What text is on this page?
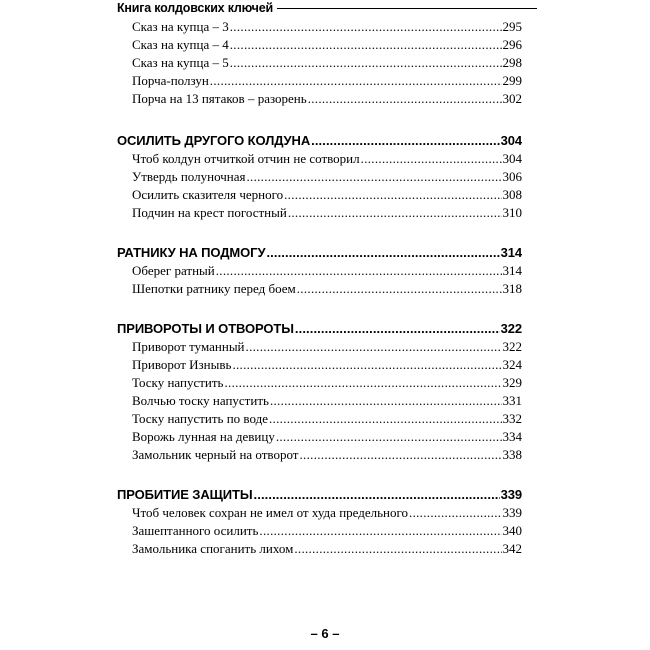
Книга колдовских ключей
Сказ на купца – 3 .....	295
Сказ на купца – 4 .....	296
Сказ на купца – 5 .....	298
Порча-ползун .....	299
Порча на 13 пятаков – разорень .....	302
ОСИЛИТЬ ДРУГОГО КОЛДУНА .....	304
Чтоб колдун отчиткой отчин не сотворил .....	304
Утвердь полуночная .....	306
Осилить сказителя черного .....	308
Подчин на крест погостный .....	310
РАТНИКУ НА ПОДМОГУ .....	314
Оберег ратный .....	314
Шепотки ратнику перед боем .....	318
ПРИВОРОТЫ И ОТВОРОТЫ .....	322
Приворот туманный .....	322
Приворот Изнывь .....	324
Тоску напустить .....	329
Волчью тоску напустить .....	331
Тоску напустить по воде .....	332
Ворожь лунная на девицу .....	334
Замольник черный на отворот .....	338
ПРОБИТИЕ ЗАЩИТЫ .....	339
Чтоб человек сохран не имел от худа предельного .....	339
Зашептанного осилить .....	340
Замольника споганить лихом .....	342
– 6 –
